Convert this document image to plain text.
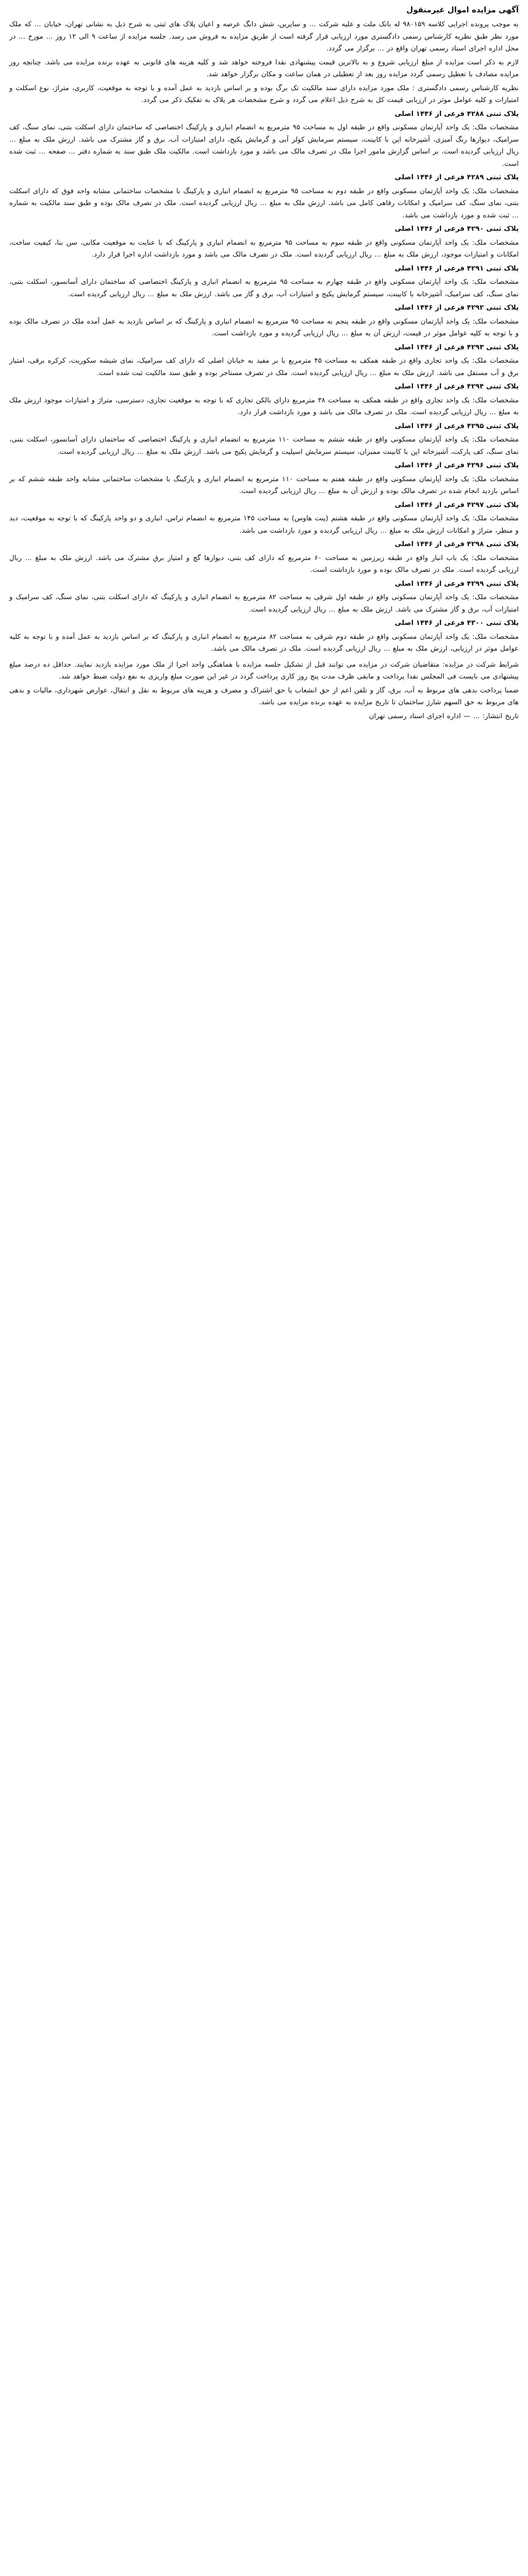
آگهی مزایده اموال غیرمنقول

به موجب پرونده اجرایی کلاسه ۹۸۰۱۵۹ له بانک ملت و علیه شرکت ... و سایرین، شش دانگ عرصه و اعیان پلاک های ثبتی به شرح ذیل به نشانی تهران، خیابان ... که ملک مورد نظر طبق نظریه کارشناس رسمی دادگستری مورد ارزیابی قرار گرفته است از طریق مزایده به فروش می رسد. جلسه مزایده از ساعت ۹ الی ۱۲ روز ... مورخ ... در محل اداره اجرای اسناد رسمی تهران واقع در ... برگزار می گردد.

لازم به ذکر است مزایده از مبلغ ارزیابی شروع و به بالاترین قیمت پیشنهادی نقدا فروخته خواهد شد و کلیه هزینه های قانونی به عهده برنده مزایده می باشد. چنانچه روز مزایده مصادف با تعطیل رسمی گردد مزایده روز بعد از تعطیلی در همان ساعت و مکان برگزار خواهد شد.

نظریه کارشناس رسمی دادگستری : ملک مورد مزایده دارای سند مالکیت تک برگ بوده و بر اساس بازدید به عمل آمده و با توجه به موقعیت، کاربری، متراژ، نوع اسکلت و امتیازات و کلیه عوامل موثر در ارزیابی قیمت کل به شرح ذیل اعلام می گردد و شرح مشخصات هر پلاک به تفکیک ذکر می گردد.

پلاک ثبتی ۴۲۸۸ فرعی از ۱۴۴۶ اصلی

مشخصات ملک: یک واحد آپارتمان مسکونی واقع در طبقه اول به مساحت ۹۵ مترمربع به انضمام انباری و پارکینگ اختصاصی که ساختمان دارای اسکلت بتنی، نمای سنگ، کف سرامیک، دیوارها رنگ آمیزی، آشپزخانه اپن با کابینت، سیستم سرمایش کولر آبی و گرمایش پکیج، دارای امتیازات آب، برق و گاز مشترک می باشد. ارزش ملک به مبلغ ... ریال ارزیابی گردیده است. بر اساس گزارش مامور اجرا ملک در تصرف مالک می باشد و مورد بازداشت است. مالکیت ملک طبق سند به شماره دفتر ... صفحه ... ثبت شده است.

پلاک ثبتی ۴۲۸۹ فرعی از ۱۴۴۶ اصلی

مشخصات ملک: یک واحد آپارتمان مسکونی واقع در طبقه دوم به مساحت ۹۵ مترمربع به انضمام انباری و پارکینگ با مشخصات ساختمانی مشابه واحد فوق که دارای اسکلت بتنی، نمای سنگ، کف سرامیک و امکانات رفاهی کامل می باشد. ارزش ملک به مبلغ ... ریال ارزیابی گردیده است. ملک در تصرف مالک بوده و طبق سند مالکیت به شماره ... ثبت شده و مورد بازداشت می باشد.

پلاک ثبتی ۴۲۹۰ فرعی از ۱۴۴۶ اصلی

مشخصات ملک: یک واحد آپارتمان مسکونی واقع در طبقه سوم به مساحت ۹۵ مترمربع به انضمام انباری و پارکینگ که با عنایت به موقعیت مکانی، سن بنا، کیفیت ساخت، امکانات و امتیازات موجود، ارزش ملک به مبلغ ... ریال ارزیابی گردیده است. ملک در تصرف مالک می باشد و مورد بازداشت اداره اجرا قرار دارد.

پلاک ثبتی ۴۲۹۱ فرعی از ۱۴۴۶ اصلی

مشخصات ملک: یک واحد آپارتمان مسکونی واقع در طبقه چهارم به مساحت ۹۵ مترمربع به انضمام انباری و پارکینگ اختصاصی که ساختمان دارای آسانسور، اسکلت بتنی، نمای سنگ، کف سرامیک، آشپزخانه با کابینت، سیستم گرمایش پکیج و امتیازات آب، برق و گاز می باشد. ارزش ملک به مبلغ ... ریال ارزیابی گردیده است.

پلاک ثبتی ۴۲۹۲ فرعی از ۱۴۴۶ اصلی

مشخصات ملک: یک واحد آپارتمان مسکونی واقع در طبقه پنجم به مساحت ۹۵ مترمربع به انضمام انباری و پارکینگ که بر اساس بازدید به عمل آمده ملک در تصرف مالک بوده و با توجه به کلیه عوامل موثر در قیمت، ارزش آن به مبلغ ... ریال ارزیابی گردیده و مورد بازداشت است.

پلاک ثبتی ۴۲۹۳ فرعی از ۱۴۴۶ اصلی

مشخصات ملک: یک واحد تجاری واقع در طبقه همکف به مساحت ۴۵ مترمربع با بر مفید به خیابان اصلی که دارای کف سرامیک، نمای شیشه سکوریت، کرکره برقی، امتیاز برق و آب مستقل می باشد. ارزش ملک به مبلغ ... ریال ارزیابی گردیده است. ملک در تصرف مستاجر بوده و طبق سند مالکیت ثبت شده است.

پلاک ثبتی ۴۲۹۴ فرعی از ۱۴۴۶ اصلی

مشخصات ملک: یک واحد تجاری واقع در طبقه همکف به مساحت ۳۸ مترمربع دارای بالکن تجاری که با توجه به موقعیت تجاری، دسترسی، متراژ و امتیازات موجود ارزش ملک به مبلغ ... ریال ارزیابی گردیده است. ملک در تصرف مالک می باشد و مورد بازداشت قرار دارد.

پلاک ثبتی ۴۲۹۵ فرعی از ۱۴۴۶ اصلی

مشخصات ملک: یک واحد آپارتمان مسکونی واقع در طبقه ششم به مساحت ۱۱۰ مترمربع به انضمام انباری و پارکینگ اختصاصی که ساختمان دارای آسانسور، اسکلت بتنی، نمای سنگ، کف پارکت، آشپزخانه اپن با کابینت ممبران، سیستم سرمایش اسپلیت و گرمایش پکیج می باشد. ارزش ملک به مبلغ ... ریال ارزیابی گردیده است.

پلاک ثبتی ۴۲۹۶ فرعی از ۱۴۴۶ اصلی

مشخصات ملک: یک واحد آپارتمان مسکونی واقع در طبقه هفتم به مساحت ۱۱۰ مترمربع به انضمام انباری و پارکینگ با مشخصات ساختمانی مشابه واحد طبقه ششم که بر اساس بازدید انجام شده در تصرف مالک بوده و ارزش آن به مبلغ ... ریال ارزیابی گردیده است.

پلاک ثبتی ۴۲۹۷ فرعی از ۱۴۴۶ اصلی

مشخصات ملک: یک واحد آپارتمان مسکونی واقع در طبقه هشتم (پنت هاوس) به مساحت ۱۴۵ مترمربع به انضمام تراس، انباری و دو واحد پارکینگ که با توجه به موقعیت، دید و منظر، متراژ و امکانات ارزش ملک به مبلغ ... ریال ارزیابی گردیده و مورد بازداشت می باشد.

پلاک ثبتی ۴۲۹۸ فرعی از ۱۴۴۶ اصلی

مشخصات ملک: یک باب انبار واقع در طبقه زیرزمین به مساحت ۶۰ مترمربع که دارای کف بتنی، دیوارها گچ و امتیاز برق مشترک می باشد. ارزش ملک به مبلغ ... ریال ارزیابی گردیده است. ملک در تصرف مالک بوده و مورد بازداشت است.

پلاک ثبتی ۴۲۹۹ فرعی از ۱۴۴۶ اصلی

مشخصات ملک: یک واحد آپارتمان مسکونی واقع در طبقه اول شرقی به مساحت ۸۲ مترمربع به انضمام انباری و پارکینگ که دارای اسکلت بتنی، نمای سنگ، کف سرامیک و امتیازات آب، برق و گاز مشترک می باشد. ارزش ملک به مبلغ ... ریال ارزیابی گردیده است.

پلاک ثبتی ۴۳۰۰ فرعی از ۱۴۴۶ اصلی

مشخصات ملک: یک واحد آپارتمان مسکونی واقع در طبقه دوم شرقی به مساحت ۸۲ مترمربع به انضمام انباری و پارکینگ که بر اساس بازدید به عمل آمده و با توجه به کلیه عوامل موثر در ارزیابی، ارزش ملک به مبلغ ... ریال ارزیابی گردیده است. ملک در تصرف مالک می باشد.

شرایط شرکت در مزایده: متقاضیان شرکت در مزایده می توانند قبل از تشکیل جلسه مزایده با هماهنگی واحد اجرا از ملک مورد مزایده بازدید نمایند. حداقل ده درصد مبلغ پیشنهادی می بایست فی المجلس نقدا پرداخت و مابقی ظرف مدت پنج روز کاری پرداخت گردد در غیر این صورت مبلغ واریزی به نفع دولت ضبط خواهد شد.

ضمنا پرداخت بدهی های مربوط به آب، برق، گاز و تلفن اعم از حق انشعاب یا حق اشتراک و مصرف و هزینه های مربوط به نقل و انتقال، عوارض شهرداری، مالیات و بدهی های مربوط به حق السهم شارژ ساختمان تا تاریخ مزایده به عهده برنده مزایده می باشد.

تاریخ انتشار: ... — اداره اجرای اسناد رسمی تهران
